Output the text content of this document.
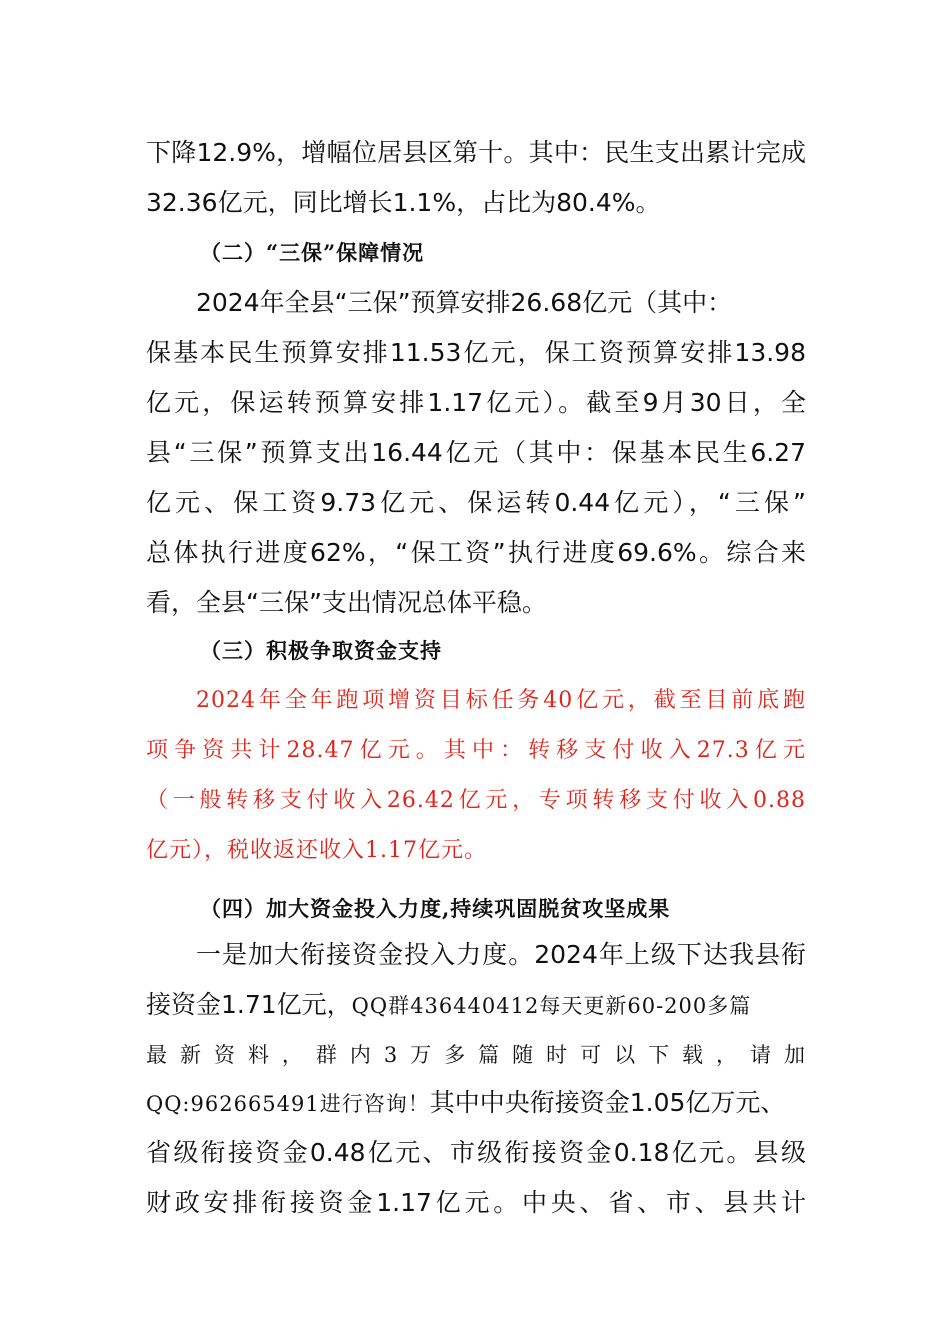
下降12.9%，增幅位居县区第十。其中：民生支出累计完成
32.36亿元，同比增长1.1%，占比为80.4%。
（二）“三保”保障情况
2024年全县“三保”预算安排26.68亿元（其中：
保基本民生预算安排11.53亿元，保工资预算安排13.98
亿元，保运转预算安排1.17亿元）。截至9月30日，全
县“三保”预算支出16.44亿元（其中：保基本民生6.27
亿元、保工资9.73亿元、保运转0.44亿元），“三保”
总体执行进度62%，“保工资”执行进度69.6%。综合来
看，全县“三保”支出情况总体平稳。
（三）积极争取资金支持
2024年全年跑项增资目标任务40亿元，截至目前底跑
项争资共计28.47亿元。其中：转移支付收入27.3亿元
（一般转移支付收入26.42亿元，专项转移支付收入0.88
亿元），税收返还收入1.17亿元。
（四）加大资金投入力度,持续巩固脱贫攻坚成果
一是加大衔接资金投入力度。2024年上级下达我县衔
接资金1.71亿元，QQ群436440412每天更新60-200多篇
最新资料，群内3万多篇随时可以下载，请加
QQ:962665491进行咨询！其中中央衔接资金1.05亿万元、
省级衔接资金0.48亿元、市级衔接资金0.18亿元。县级
财政安排衔接资金1.17亿元。中央、省、市、县共计
